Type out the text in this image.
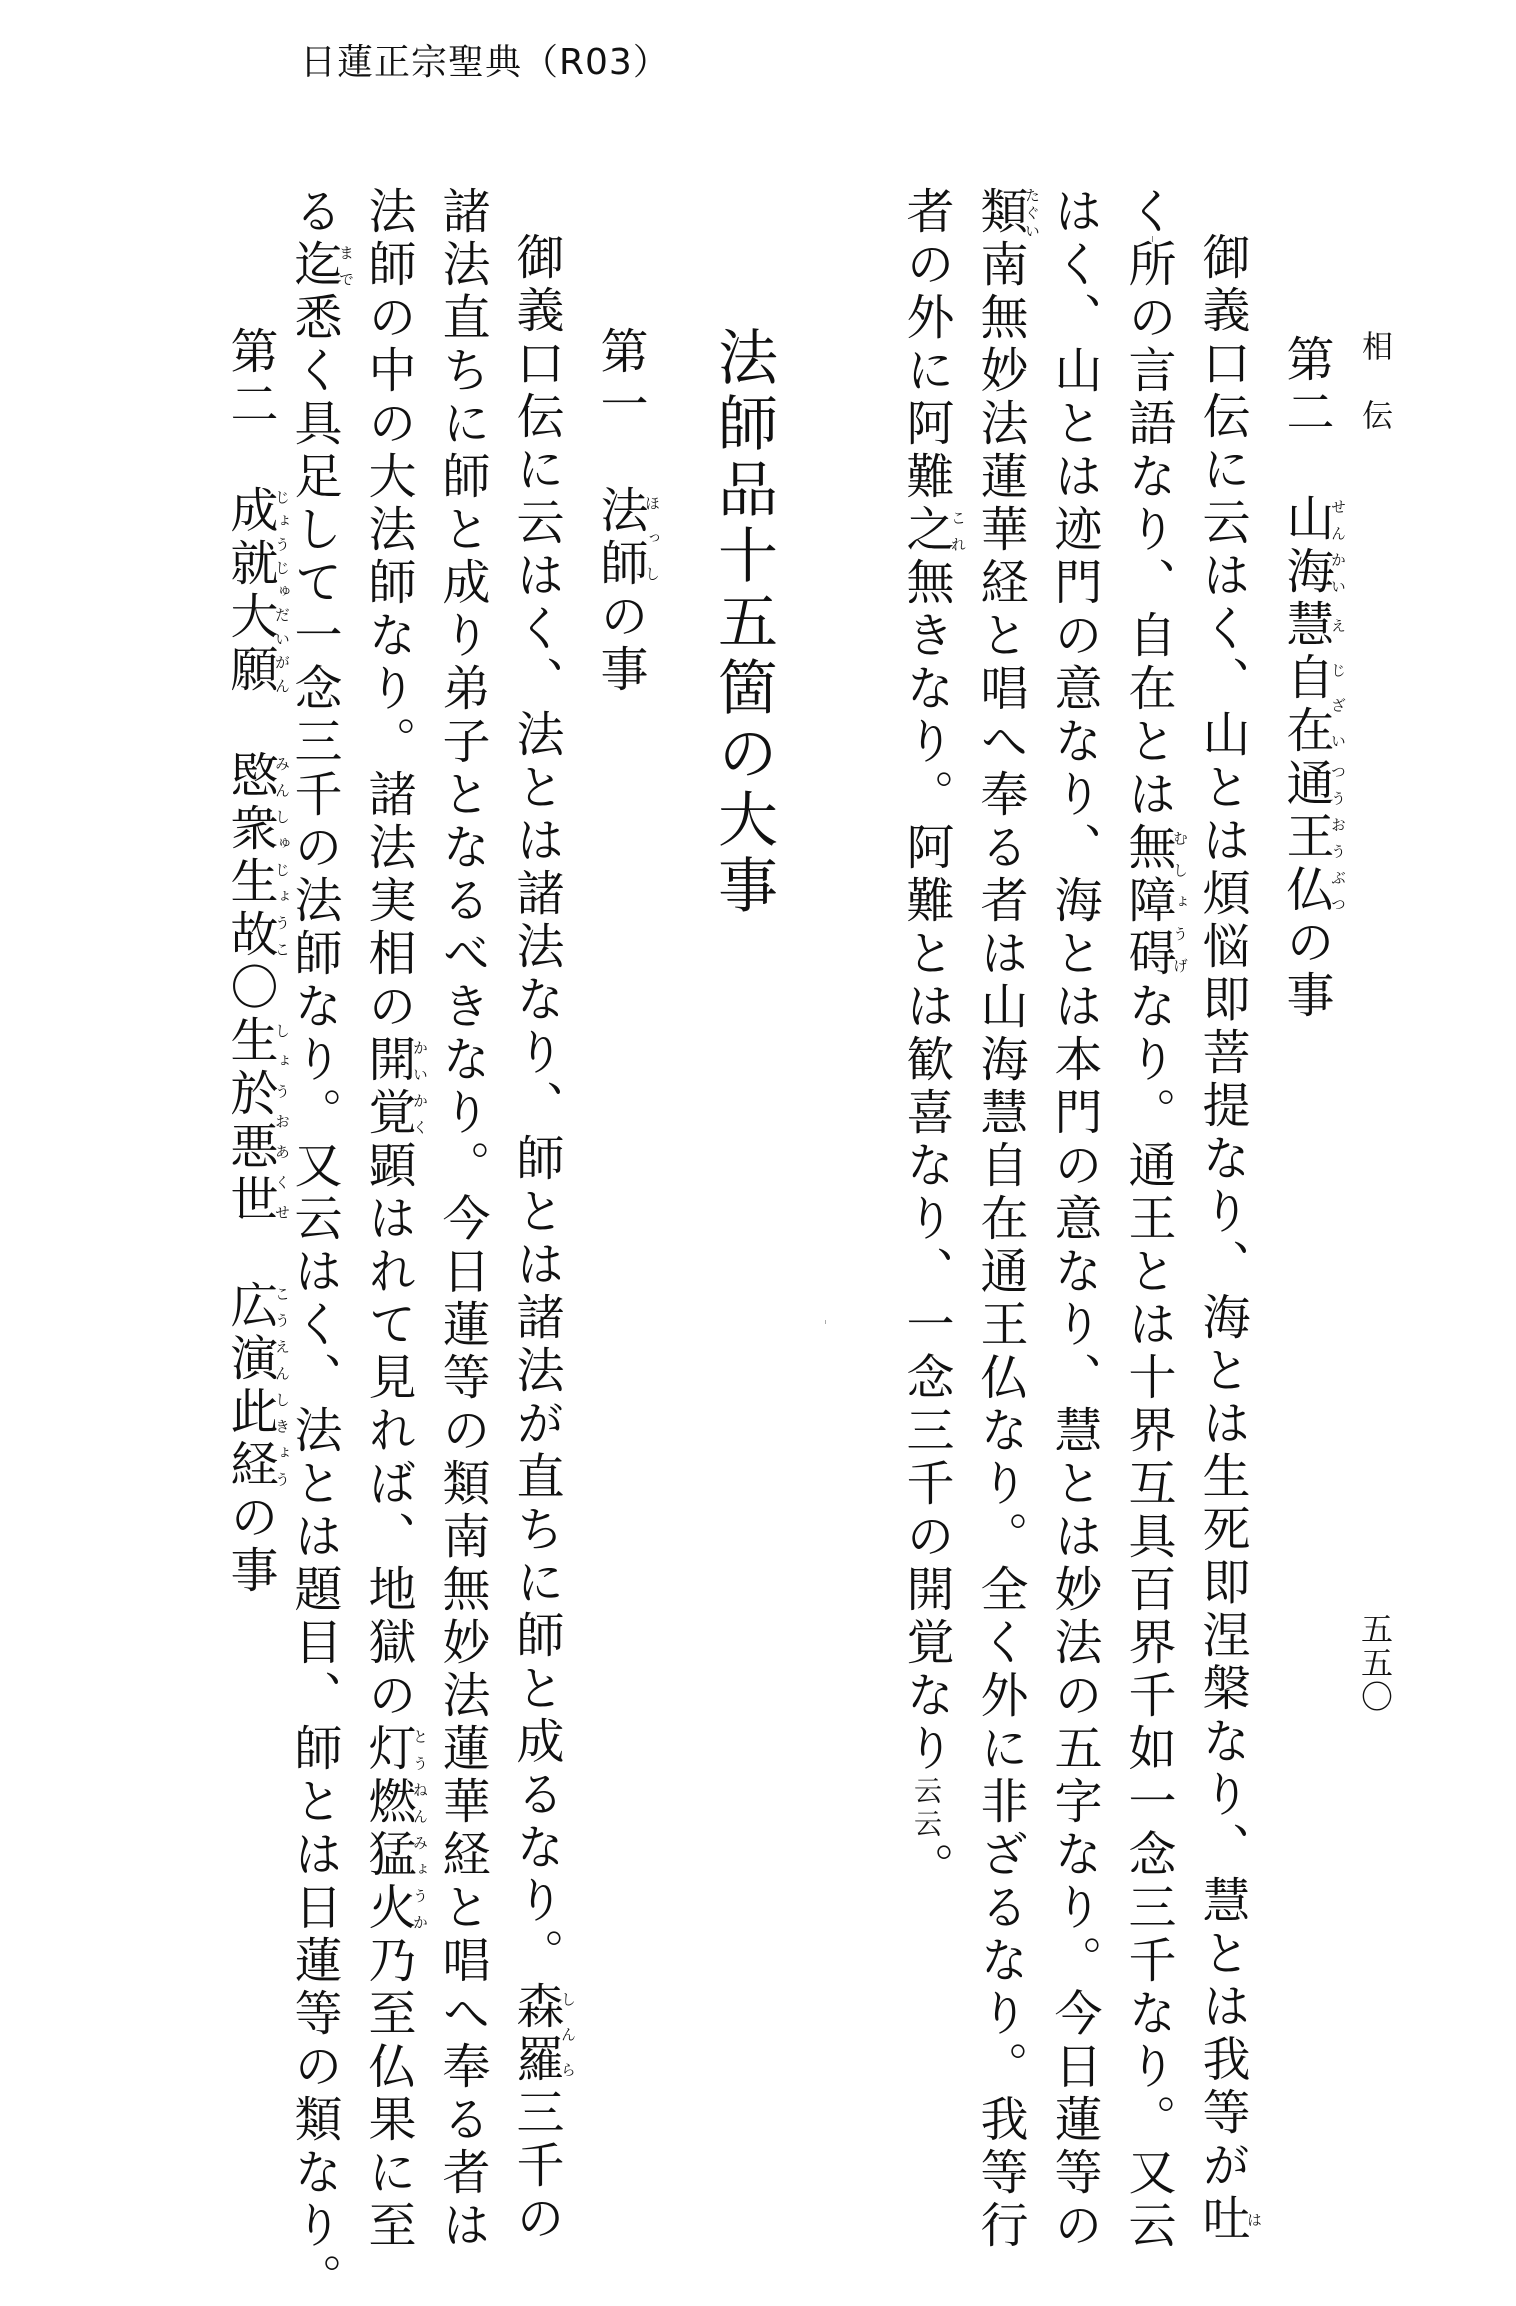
日蓮正宗聖典（R03）
相伝
五五〇
第二　山海せんかい慧え自在じざい通王仏つうおうぶつの事
御義口伝に云はく、山とは煩悩即菩提なり、海とは生死即涅槃なり、慧とは我等が吐は
く所の言語なり、自在とは無障碍むしょうげなり。通王とは十界互具百界千如一念三千なり。又云
はく、山とは迹門の意なり、海とは本門の意なり、慧とは妙法の五字なり。今日蓮等の
類たぐい南無妙法蓮華経と唱へ奉る者は山海慧自在通王仏なり。全く外に非ざるなり。我等行
者の外に阿難之これ無きなり。阿難とは歓喜なり、一念三千の開覚なり云云。
法師品十五箇の大事
第一　法師ほっしの事
御義口伝に云はく、法とは諸法なり、師とは諸法が直ちに師と成るなり。森羅しんら三千の
諸法直ちに師と成り弟子となるべきなり。今日蓮等の類南無妙法蓮華経と唱へ奉る者は
法師の中の大法師なり。諸法実相の開覚かいかく顕はれて見れば、地獄の灯燃猛火とうねんみょうか乃至仏果に至
る迄まで悉く具足して一念三千の法師なり。又云はく、法とは題目、師とは日蓮等の類なり。
第二　成就大願じょうじゅだいがん　愍衆生故みんしゅじょうこ〇生於悪世しょうおあくせ　広演此経こうえんしきょうの事
